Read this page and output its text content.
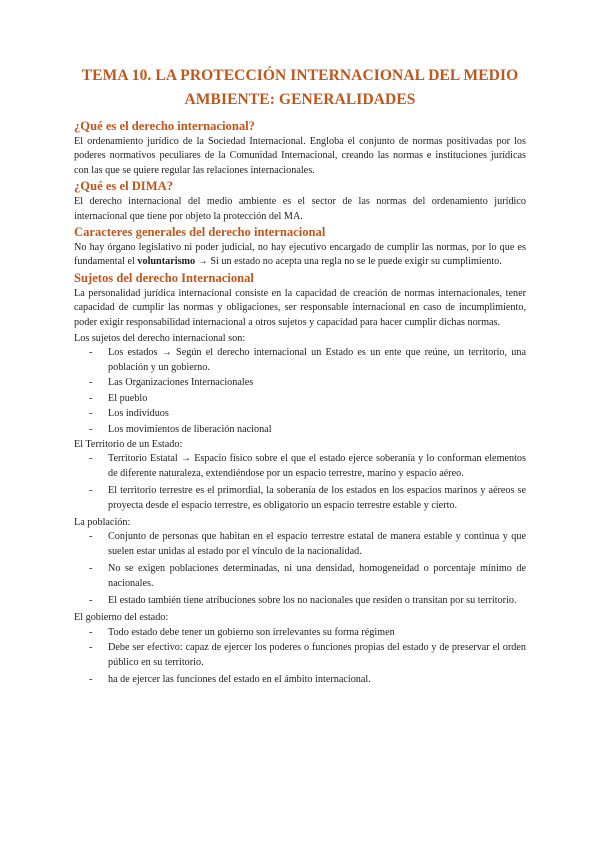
TEMA 10. LA PROTECCIÓN INTERNACIONAL DEL MEDIO
AMBIENTE: GENERALIDADES
¿Qué es el derecho internacional?

El ordenamiento jurídico de la Sociedad Internacional. Engloba el conjunto de normas positivadas por los poderes normativos peculiares de la Comunidad Internacional, creando las normas e instituciones jurídicas con las que se quiere regular las relaciones internacionales.

¿Qué es el DIMA?

El derecho internacional del medio ambiente es el sector de las normas del ordenamiento jurídico internacional que tiene por objeto la protección del MA.

Caracteres generales del derecho internacional

No hay órgano legislativo ni poder judicial, no hay ejecutivo encargado de cumplir las normas, por lo que es fundamental el voluntarismo → Si un estado no acepta una regla no se le puede exigir su cumplimiento.

Sujetos del derecho Internacional

La personalidad jurídica internacional consiste en la capacidad de creación de normas internacionales, tener capacidad de cumplir las normas y obligaciones, ser responsable internacional en caso de incumplimiento, poder exigir responsabilidad internacional a otros sujetos y capacidad para hacer cumplir dichas normas.

Los sujetos del derecho internacional son:

- Los estados → Según el derecho internacional un Estado es un ente que reúne, un territorio, una población y un gobierno.
- Las Organizaciones Internacionales
- El pueblo
- Los individuos
- Los movimientos de liberación nacional

El Territorio de un Estado:

- Territorio Estatal → Espacio físico sobre el que el estado ejerce soberanía y lo conforman elementos de diferente naturaleza, extendiéndose por un espacio terrestre, marino y espacio aéreo.
- El territorio terrestre es el primordial, la soberanía de los estados en los espacios marinos y aéreos se proyecta desde el espacio terrestre, es obligatorio un espacio terrestre estable y cierto.

La población:

- Conjunto de personas que habitan en el espacio terrestre estatal de manera estable y continua y que suelen estar unidas al estado por el vínculo de la nacionalidad.
- No se exigen poblaciones determinadas, ni una densidad, homogeneidad o porcentaje mínimo de nacionales.
- El estado también tiene atribuciones sobre los no nacionales que residen o transitan por su territorio.

El gobierno del estado:

- Todo estado debe tener un gobierno son irrelevantes su forma régimen
- Debe ser efectivo: capaz de ejercer los poderes o funciones propias del estado y de preservar el orden público en su territorio.
- ha de ejercer las funciones del estado en el ámbito internacional.
